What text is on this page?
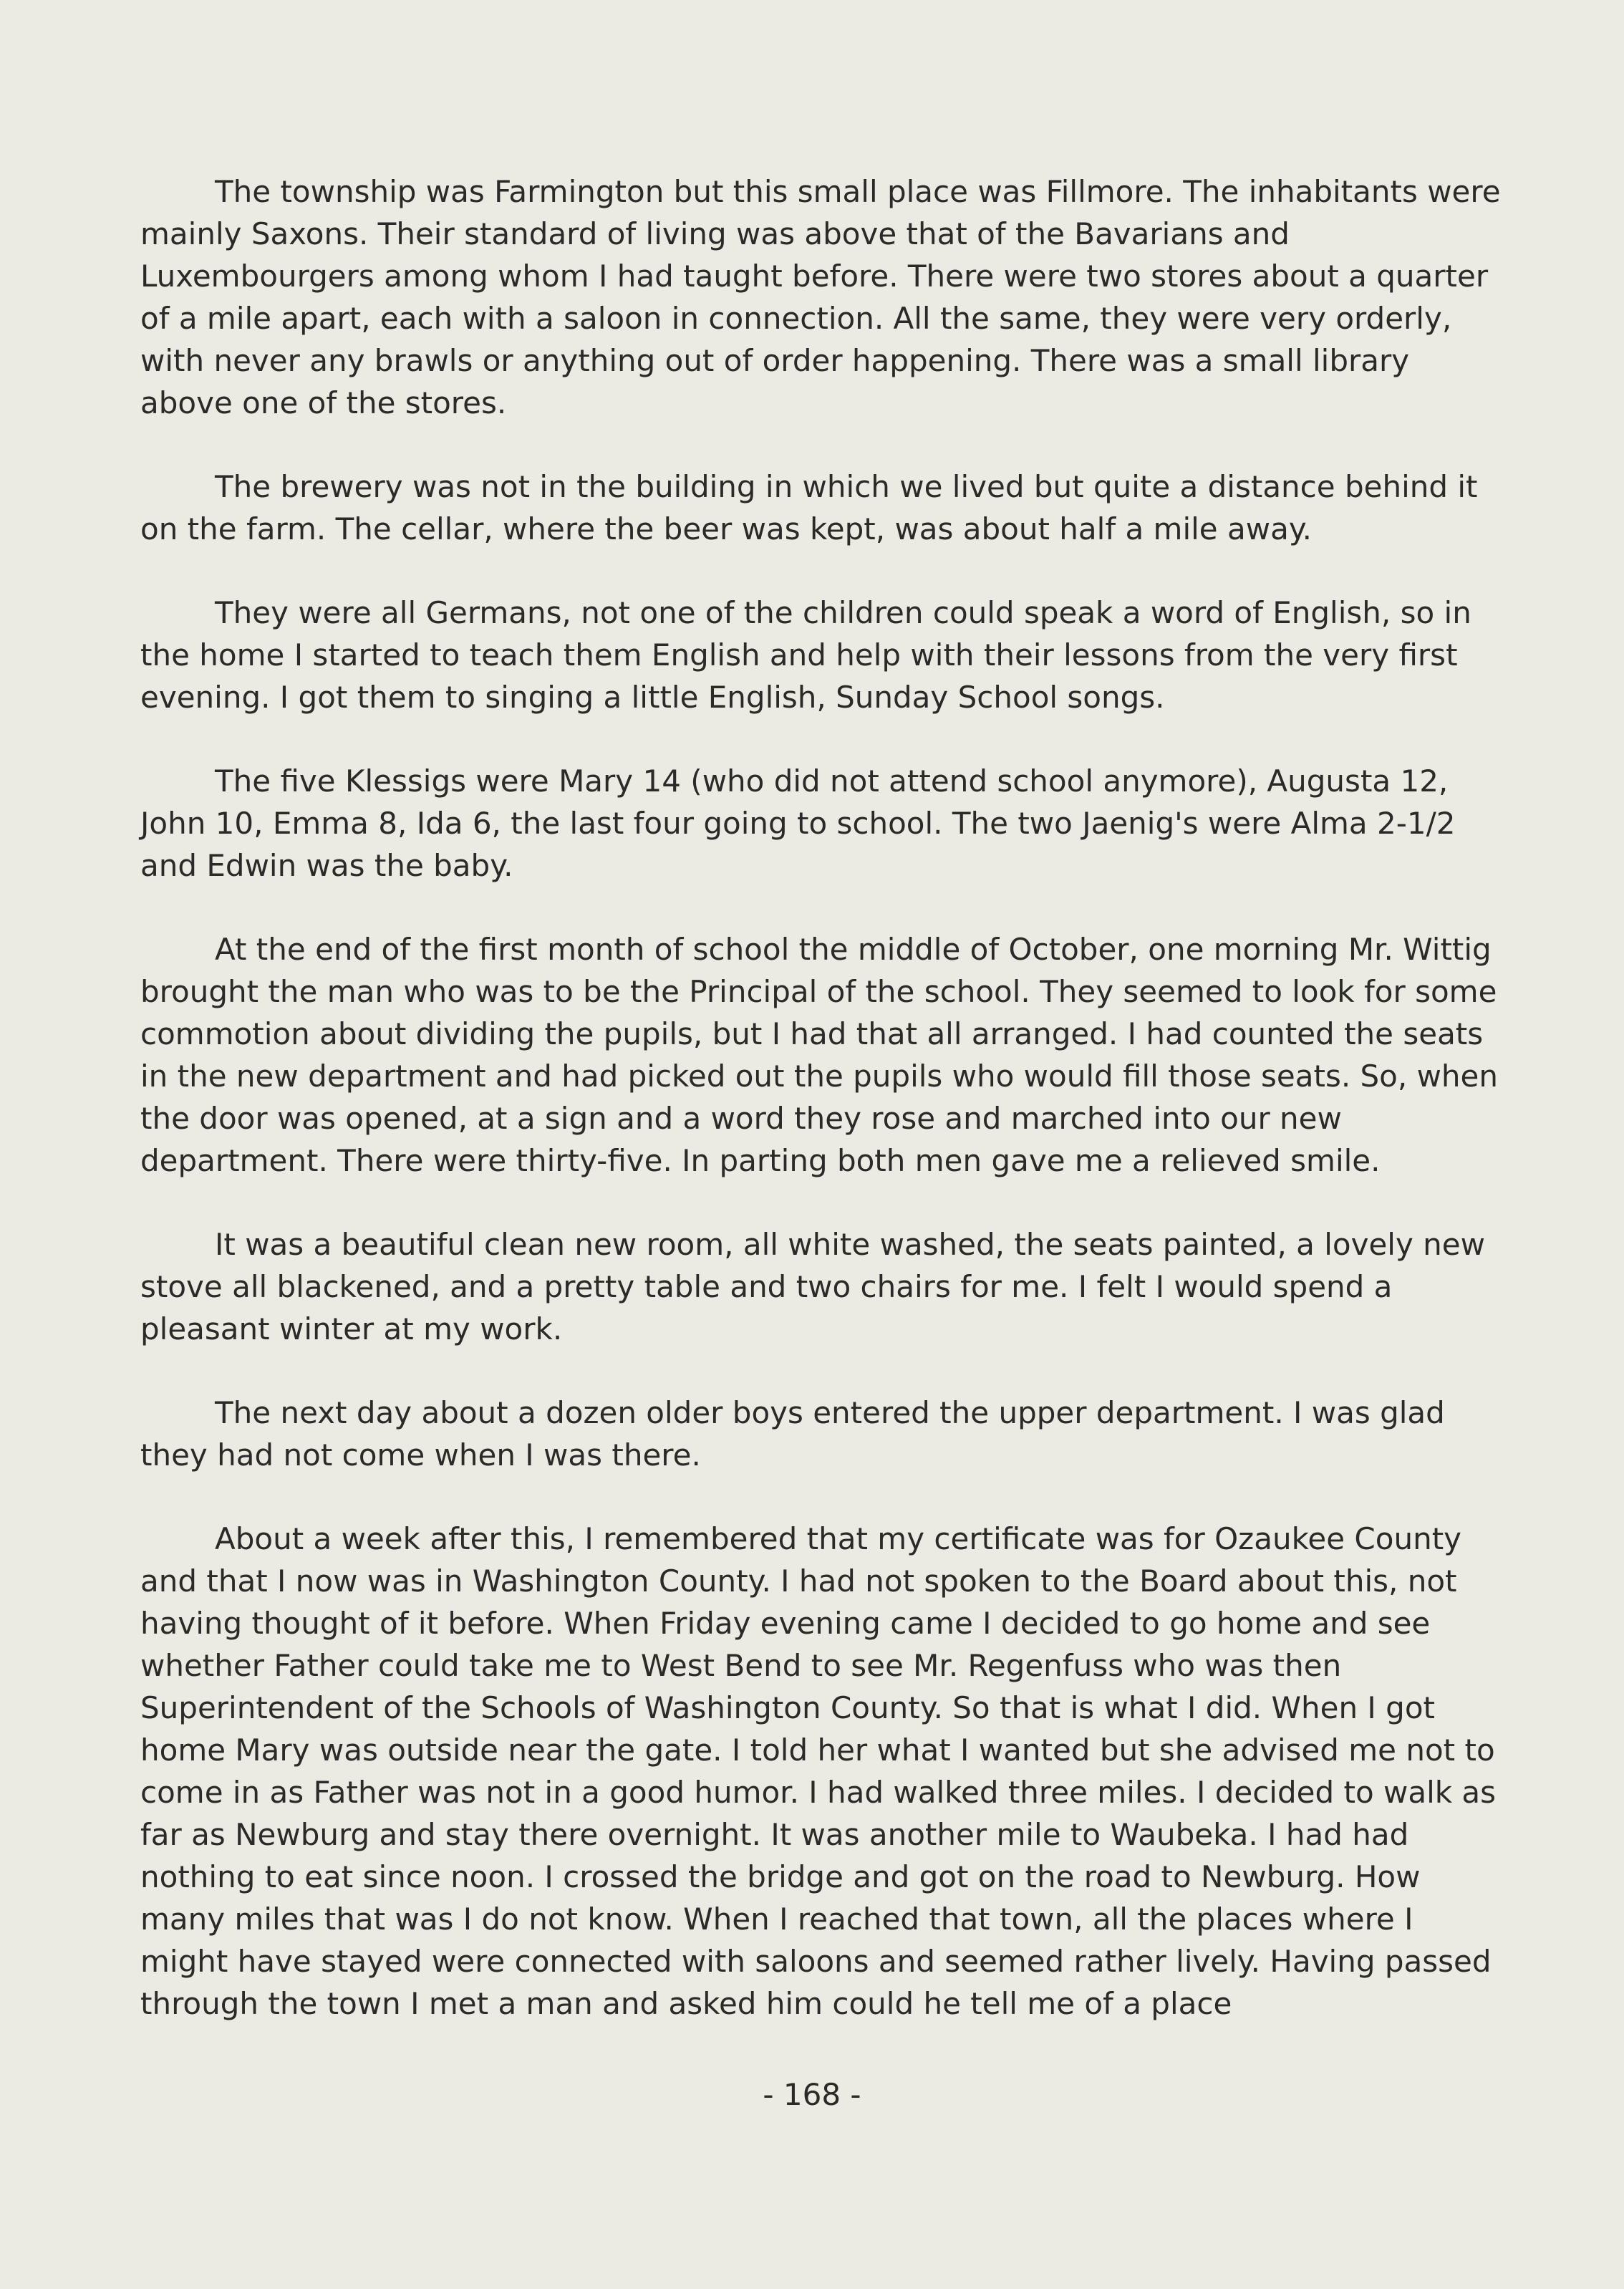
The township was Farmington but this small place was Fillmore. The inhabitants were mainly Saxons. Their standard of living was above that of the Bavarians and Luxembourgers among whom I had taught before. There were two stores about a quarter of a mile apart, each with a saloon in connection. All the same, they were very orderly, with never any brawls or anything out of order happening. There was a small library above one of the stores.

The brewery was not in the building in which we lived but quite a distance behind it on the farm. The cellar, where the beer was kept, was about half a mile away.

They were all Germans, not one of the children could speak a word of English, so in the home I started to teach them English and help with their lessons from the very first evening. I got them to singing a little English, Sunday School songs.

The five Klessigs were Mary 14 (who did not attend school anymore), Augusta 12, John 10, Emma 8, Ida 6, the last four going to school. The two Jaenig's were Alma 2-1/2 and Edwin was the baby.

At the end of the first month of school the middle of October, one morning Mr. Wittig brought the man who was to be the Principal of the school. They seemed to look for some commotion about dividing the pupils, but I had that all arranged. I had counted the seats in the new department and had picked out the pupils who would fill those seats. So, when the door was opened, at a sign and a word they rose and marched into our new department. There were thirty-five. In parting both men gave me a relieved smile.

It was a beautiful clean new room, all white washed, the seats painted, a lovely new stove all blackened, and a pretty table and two chairs for me. I felt I would spend a pleasant winter at my work.

The next day about a dozen older boys entered the upper department. I was glad they had not come when I was there.

About a week after this, I remembered that my certificate was for Ozaukee County and that I now was in Washington County. I had not spoken to the Board about this, not having thought of it before. When Friday evening came I decided to go home and see whether Father could take me to West Bend to see Mr. Regenfuss who was then Superintendent of the Schools of Washington County. So that is what I did. When I got home Mary was outside near the gate. I told her what I wanted but she advised me not to come in as Father was not in a good humor. I had walked three miles. I decided to walk as far as Newburg and stay there overnight. It was another mile to Waubeka. I had had nothing to eat since noon. I crossed the bridge and got on the road to Newburg. How many miles that was I do not know. When I reached that town, all the places where I might have stayed were connected with saloons and seemed rather lively. Having passed through the town I met a man and asked him could he tell me of a place

- 168 -
